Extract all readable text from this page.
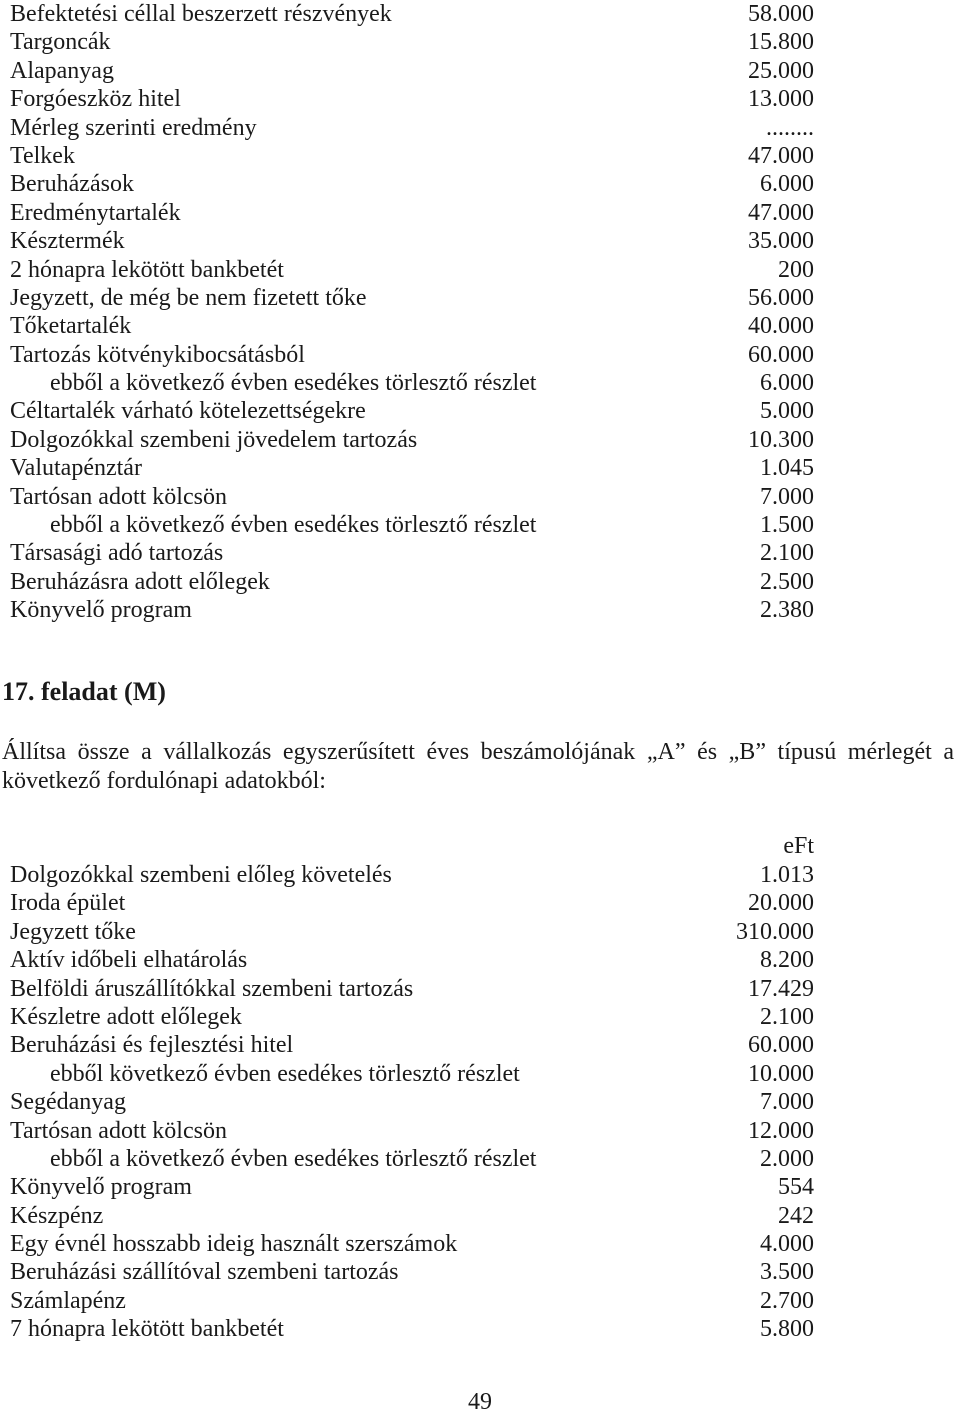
Befektetési céllal beszerzett részvények	58.000
Targoncák	15.800
Alapanyag	25.000
Forgóeszköz hitel	13.000
Mérleg szerinti eredmény	........
Telkek	47.000
Beruházások	6.000
Eredménytartalék	47.000
Késztermék	35.000
2 hónapra lekötött bankbetét	200
Jegyzett, de még be nem fizetett tőke	56.000
Tőketartalék	40.000
Tartozás kötvénykibocsátásból	60.000
ebből a következő évben esedékes törlesztő részlet	6.000
Céltartalék várható kötelezettségekre	5.000
Dolgozókkal szembeni jövedelem tartozás	10.300
Valutapénztár	1.045
Tartósan adott kölcsön	7.000
ebből a következő évben esedékes törlesztő részlet	1.500
Társasági adó tartozás	2.100
Beruházásra adott előlegek	2.500
Könyvelő program	2.380
17. feladat (M)
Állítsa össze a vállalkozás egyszerűsített éves beszámolójának „A” és „B” típusú mérlegét a következő fordulónapi adatokból:
eFt
Dolgozókkal szembeni előleg követelés	1.013
Iroda épület	20.000
Jegyzett tőke	310.000
Aktív időbeli elhatárolás	8.200
Belföldi áruszállítókkal szembeni tartozás	17.429
Készletre adott előlegek	2.100
Beruházási és fejlesztési hitel	60.000
ebből következő évben esedékes törlesztő részlet	10.000
Segédanyag	7.000
Tartósan adott kölcsön	12.000
ebből a következő évben esedékes törlesztő részlet	2.000
Könyvelő program	554
Készpénz	242
Egy évnél hosszabb ideig használt szerszámok	4.000
Beruházási szállítóval szembeni tartozás	3.500
Számlapénz	2.700
7 hónapra lekötött bankbetét	5.800
49
